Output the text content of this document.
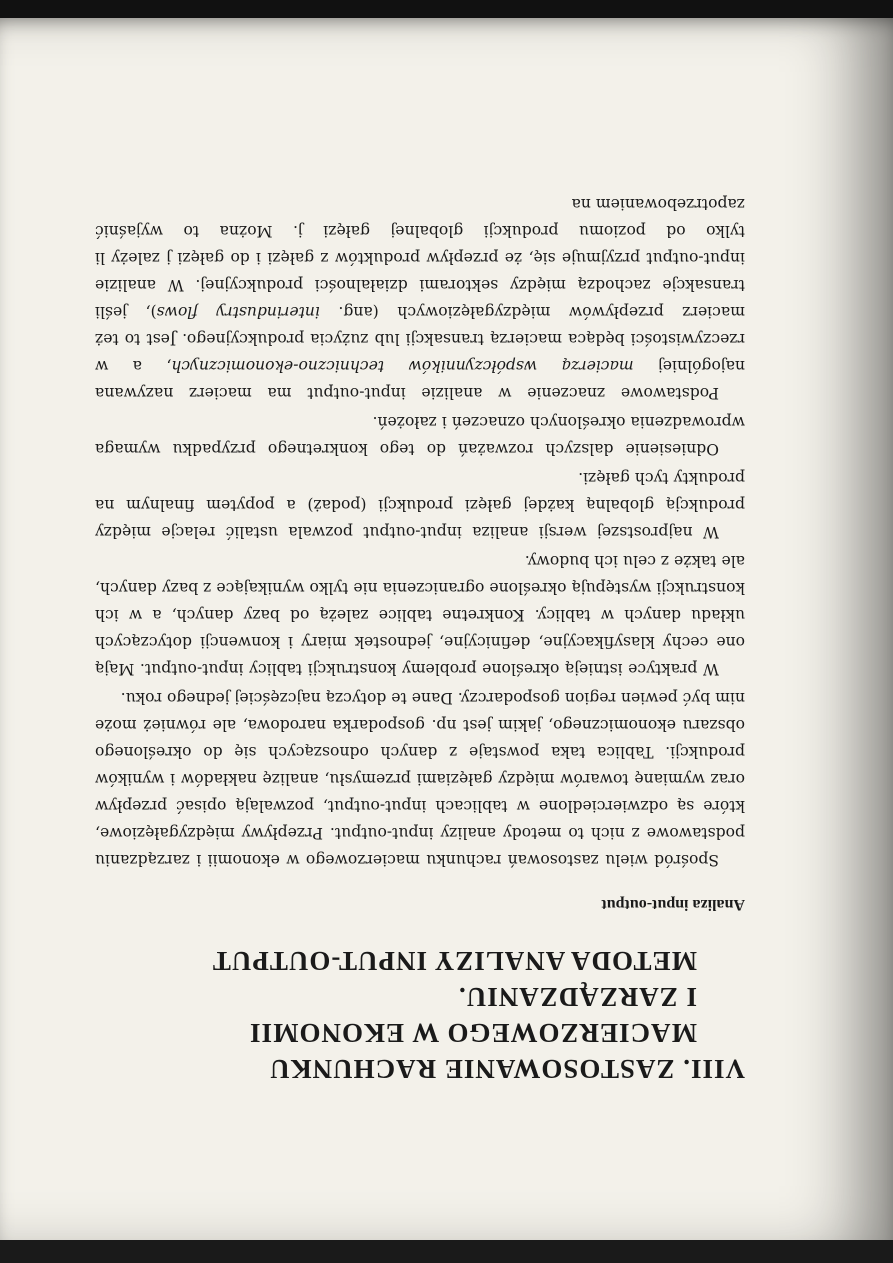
VIII. ZASTOSOWANIE RACHUNKU
MACIERZOWEGO W EKONOMII
I ZARZĄDZANIU.
METODA ANALIZY INPUT-OUTPUT
Analiza input-output

Spośród wielu zastosowań rachunku macierzowego w ekonomii i zarządzaniu podstawowe z nich to metody analizy input-output. Przepływy międzygałęziowe, które są odzwierciedlone w tablicach input-output, pozwalają opisać przepływ oraz wymianę towarów między gałęziami przemysłu, analizę nakładów i wyników produkcji. Tablica taka powstaje z danych odnoszących się do określonego obszaru ekonomicznego, jakim jest np. gospodarka narodowa, ale również może nim być pewien region gospodarczy. Dane te dotyczą najczęściej jednego roku.

W praktyce istnieją określone problemy konstrukcji tablicy input-output. Mają one cechy klasyfikacyjne, definicyjne, jednostek miary i konwencji dotyczących układu danych w tablicy. Konkretne tablice zależą od bazy danych, a w ich konstrukcji występują określone ograniczenia nie tylko wynikające z bazy danych, ale także z celu ich budowy.

W najprostszej wersji analiza input-output pozwala ustalić relacje między produkcją globalną każdej gałęzi produkcji (podaż) a popytem finalnym na produkty tych gałęzi.

Odniesienie dalszych rozważań do tego konkretnego przypadku wymaga wprowadzenia określonych oznaczeń i założeń.

Podstawowe znaczenie w analizie input-output ma macierz nazywana najogólniej macierzą współczynników techniczno-ekonomicznych, a w rzeczywistości będąca macierzą transakcji lub zużycia produkcyjnego. Jest to też macierz przepływów międzygałęziowych (ang. interindustry flows), jeśli transakcje zachodzą między sektorami działalności produkcyjnej. W analizie input-output przyjmuje się, że przepływ produktów z gałęzi i do gałęzi j zależy li tylko od poziomu produkcji globalnej gałęzi j. Można to wyjaśnić zapotrzebowaniem na
